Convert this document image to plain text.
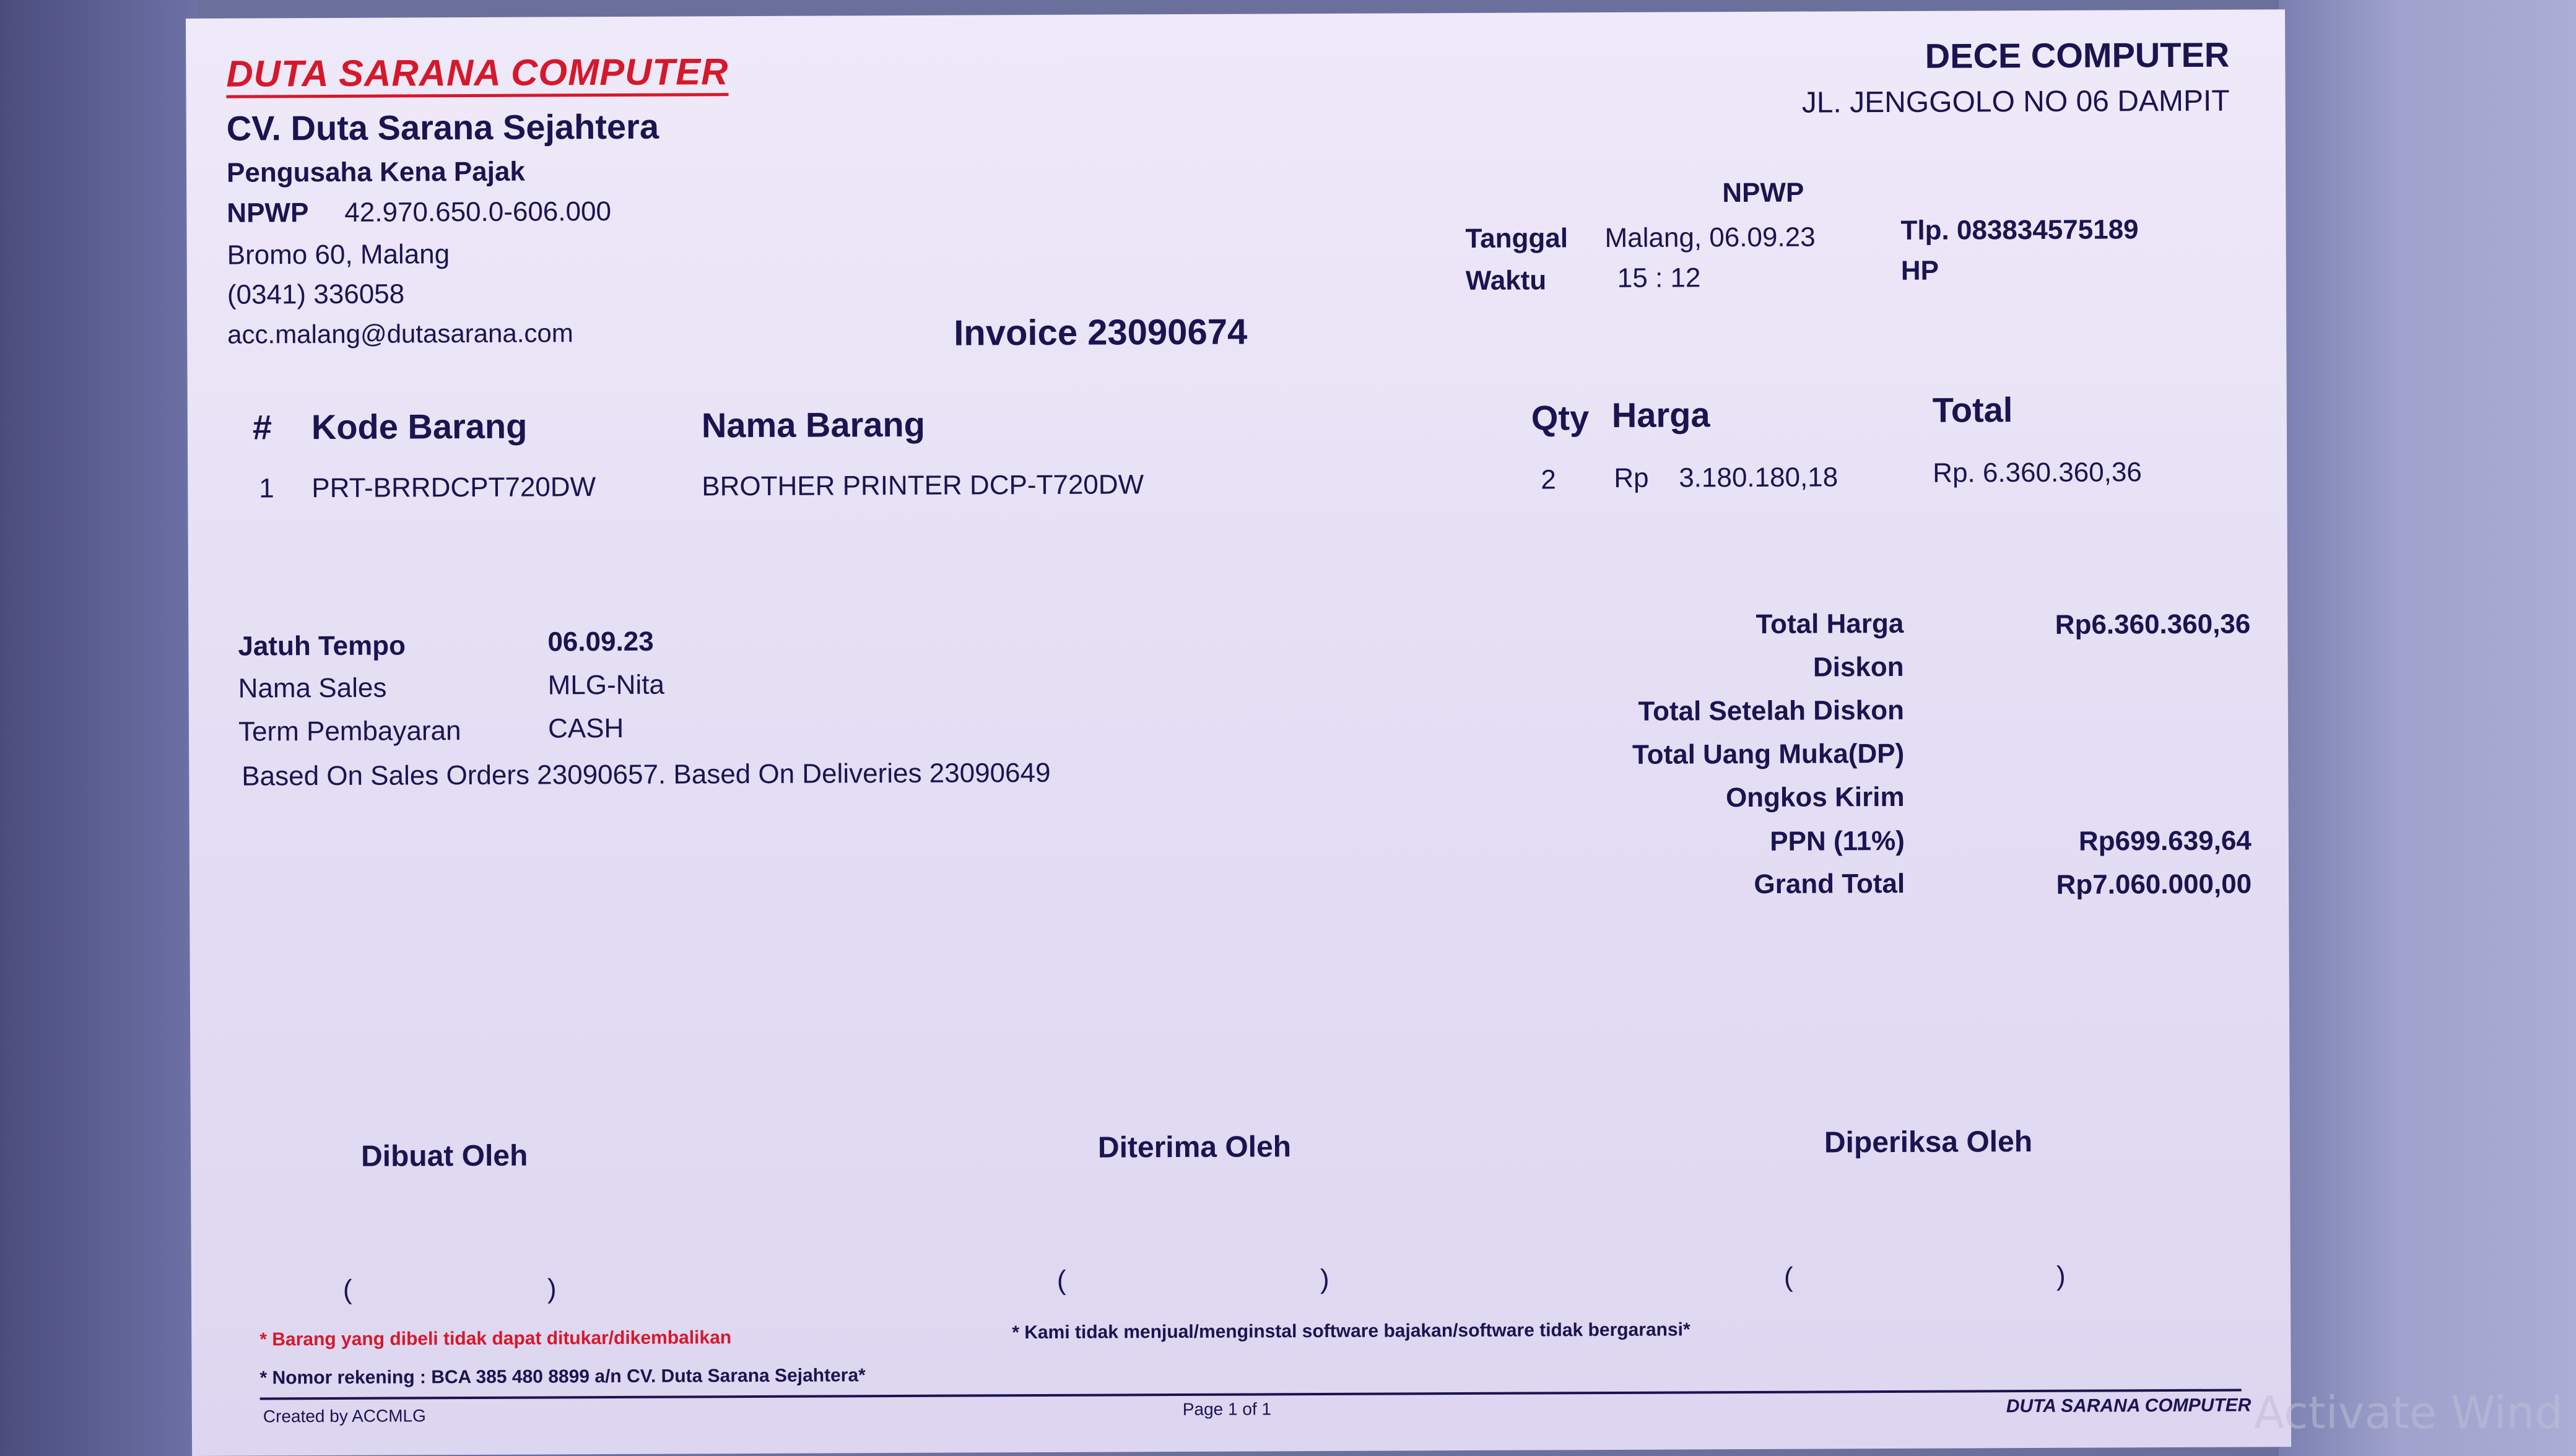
DUTA SARANA COMPUTER
CV. Duta Sarana Sejahtera
Pengusaha Kena Pajak
NPWP 42.970.650.0-606.000
Bromo 60, Malang
(0341) 336058
acc.malang@dutasarana.com	Invoice 23090674
DECE COMPUTER
JL. JENGGOLO NO 06 DAMPIT
NPWP
Tanggal Malang, 06.09.23	Tlp. 083834575189
Waktu	15 : 12	HP
# Kode Barang	Nama Barang	Qty Harga	Total
1 PRT-BRRDCPT720DW	BROTHER PRINTER DCP-T720DW	2 Rp 3.180.180,18	Rp. 6.360.360,36
Jatuh Tempo	06.09.23
Nama Sales	MLG-Nita
Term Pembayaran	CASH
Based On Sales Orders 23090657. Based On Deliveries 23090649
Total Harga	Rp6.360.360,36
Diskon
Total Setelah Diskon
Total Uang Muka(DP)
Ongkos Kirim
PPN (11%)	Rp699.639,64
Grand Total	Rp7.060.000,00
Dibuat Oleh	Diterima Oleh	Diperiksa Oleh
(	)	(	)	(	)
* Barang yang dibeli tidak dapat ditukar/dikembalikan	* Kami tidak menjual/menginstal software bajakan/software tidak bergaransi*
* Nomor rekening : BCA 385 480 8899 a/n CV. Duta Sarana Sejahtera*
Created by ACCMLG	Page 1 of 1	DUTA SARANA COMPUTER Activate Wind
